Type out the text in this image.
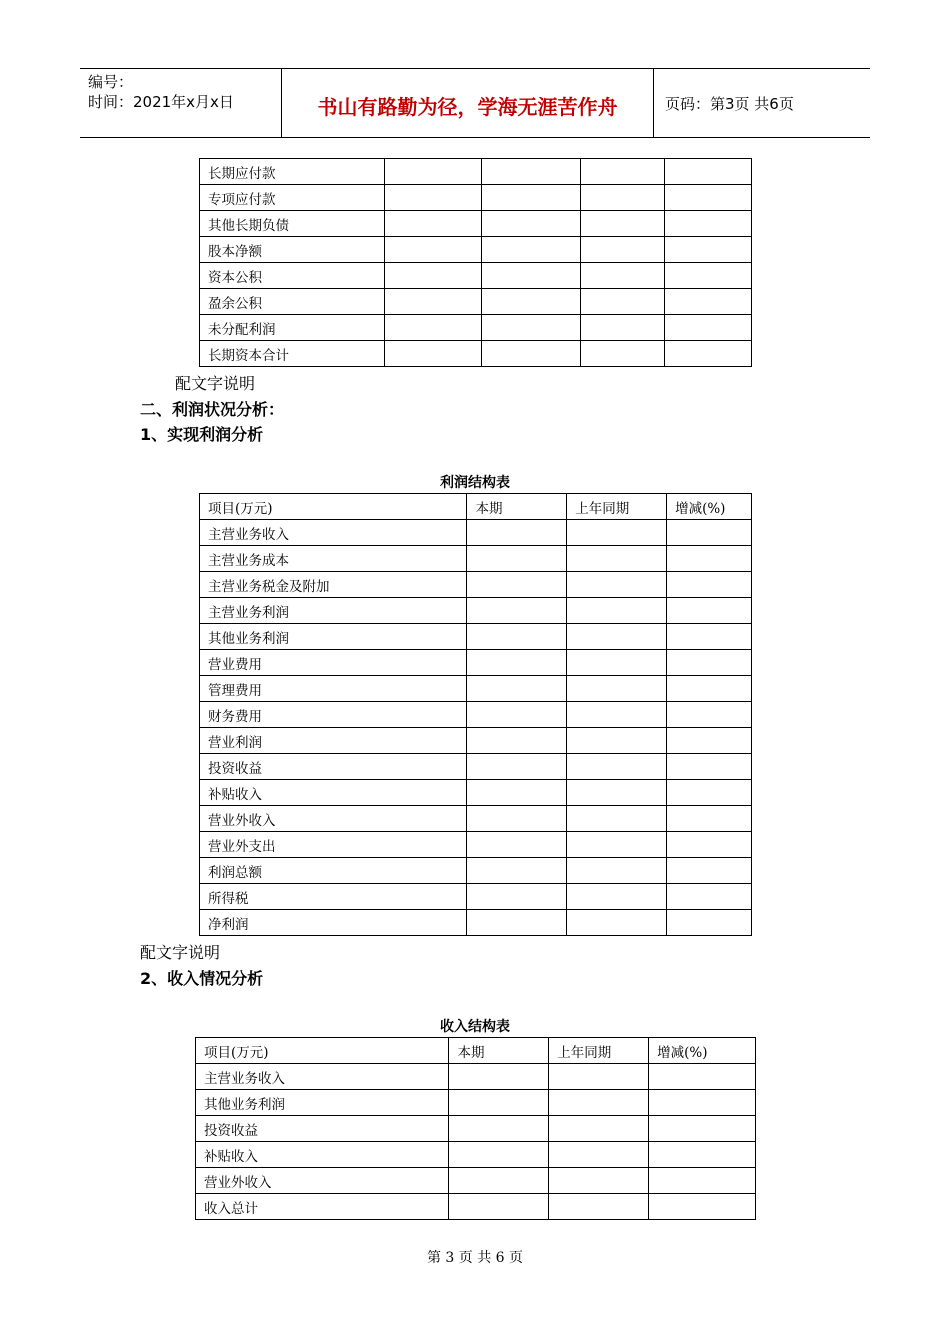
编号：
时间：2021年x月x日	书山有路勤为径，学海无涯苦作舟	页码：第3页 共6页
长期应付款				
专项应付款				
其他长期负债				
股本净额				
资本公积				
盈余公积				
未分配利润				
长期资本合计				
配文字说明
二、利润状况分析：
1、实现利润分析
利润结构表
项目(万元)	本期	上年同期	增减(%)
主营业务收入			
主营业务成本			
主营业务税金及附加			
主营业务利润			
其他业务利润			
营业费用			
管理费用			
财务费用			
营业利润			
投资收益			
补贴收入			
营业外收入			
营业外支出			
利润总额			
所得税			
净利润			
配文字说明
2、收入情况分析
收入结构表
项目(万元)	本期	上年同期	增减(%)
主营业务收入			
其他业务利润			
投资收益			
补贴收入			
营业外收入			
收入总计			
第 3 页 共 6 页
